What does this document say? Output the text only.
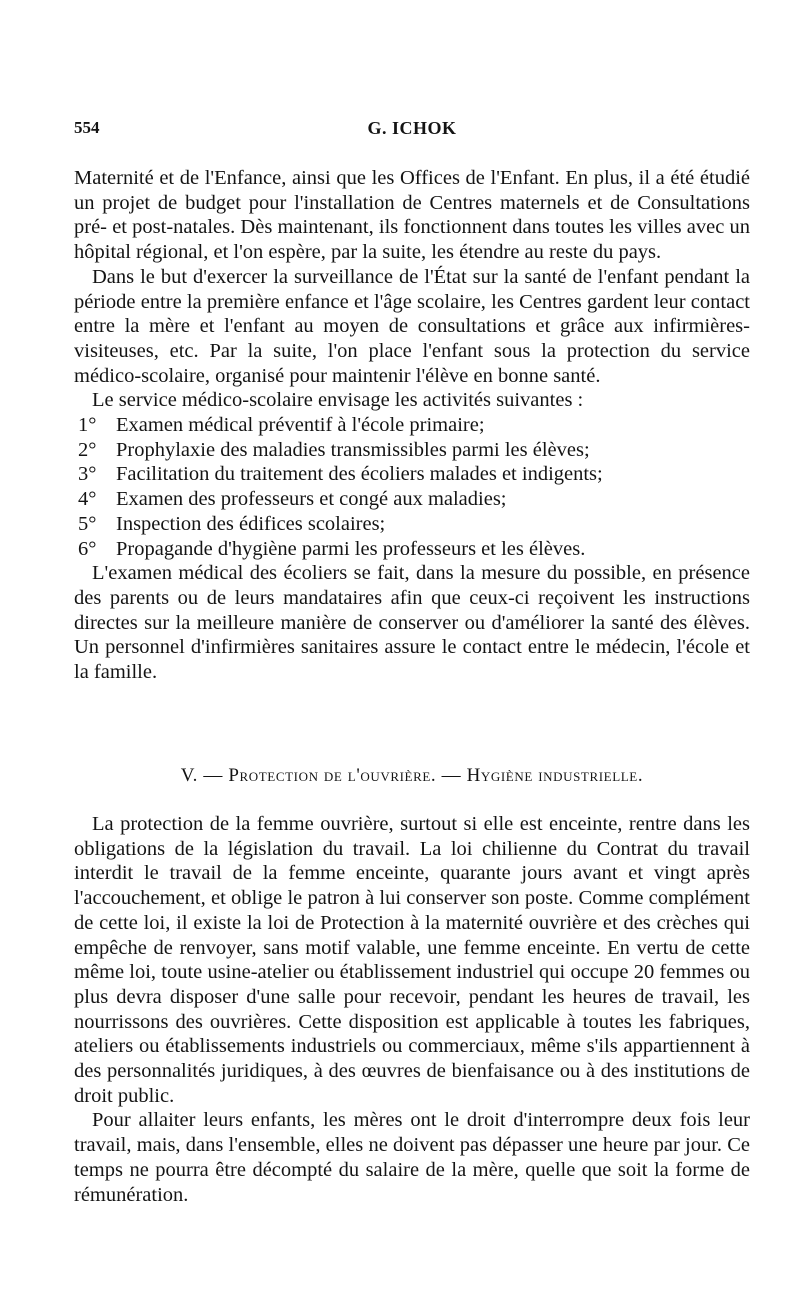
554	G. ICHOK

Maternité et de l'Enfance, ainsi que les Offices de l'Enfant. En plus, il a été étudié un projet de budget pour l'installation de Centres maternels et de Consultations pré- et post-natales. Dès maintenant, ils fonctionnent dans toutes les villes avec un hôpital régional, et l'on espère, par la suite, les étendre au reste du pays.

Dans le but d'exercer la surveillance de l'État sur la santé de l'enfant pendant la période entre la première enfance et l'âge scolaire, les Centres gardent leur contact entre la mère et l'enfant au moyen de consultations et grâce aux infirmières-visiteuses, etc. Par la suite, l'on place l'enfant sous la protection du service médico-scolaire, organisé pour maintenir l'élève en bonne santé.

Le service médico-scolaire envisage les activités suivantes :

1° Examen médical préventif à l'école primaire;
2° Prophylaxie des maladies transmissibles parmi les élèves;
3° Facilitation du traitement des écoliers malades et indigents;
4° Examen des professeurs et congé aux maladies;
5° Inspection des édifices scolaires;
6° Propagande d'hygiène parmi les professeurs et les élèves.

L'examen médical des écoliers se fait, dans la mesure du possible, en présence des parents ou de leurs mandataires afin que ceux-ci reçoivent les instructions directes sur la meilleure manière de conserver ou d'améliorer la santé des élèves. Un personnel d'infirmières sanitaires assure le contact entre le médecin, l'école et la famille.

V. — Protection de l'ouvrière. — Hygiène industrielle.

La protection de la femme ouvrière, surtout si elle est enceinte, rentre dans les obligations de la législation du travail. La loi chilienne du Contrat du travail interdit le travail de la femme enceinte, quarante jours avant et vingt après l'accouchement, et oblige le patron à lui conserver son poste. Comme complément de cette loi, il existe la loi de Protection à la maternité ouvrière et des crèches qui empêche de renvoyer, sans motif valable, une femme enceinte. En vertu de cette même loi, toute usine-atelier ou établissement industriel qui occupe 20 femmes ou plus devra disposer d'une salle pour recevoir, pendant les heures de travail, les nourrissons des ouvrières. Cette disposition est applicable à toutes les fabriques, ateliers ou établissements industriels ou commerciaux, même s'ils appartiennent à des personnalités juridiques, à des œuvres de bienfaisance ou à des institutions de droit public.

Pour allaiter leurs enfants, les mères ont le droit d'interrompre deux fois leur travail, mais, dans l'ensemble, elles ne doivent pas dépasser une heure par jour. Ce temps ne pourra être décompté du salaire de la mère, quelle que soit la forme de rémunération.
